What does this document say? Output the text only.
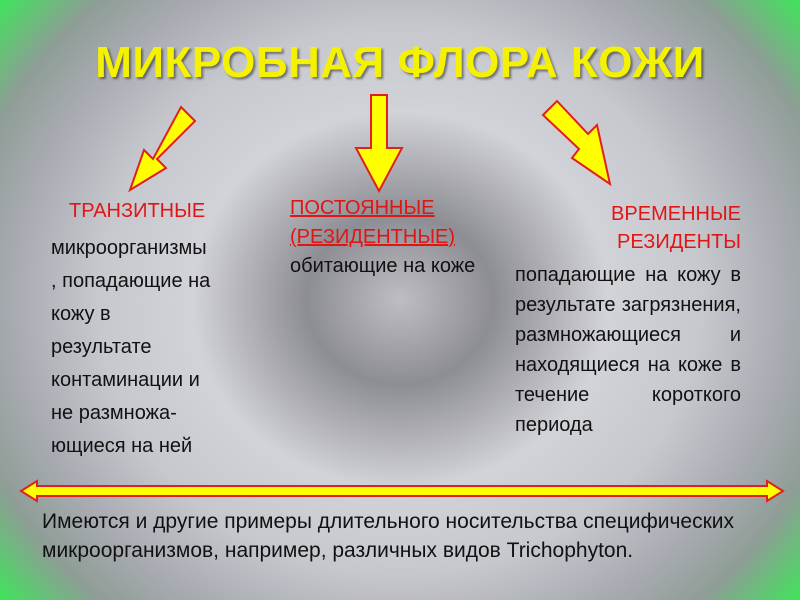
МИКРОБНАЯ ФЛОРА КОЖИ
ТРАНЗИТНЫЕ
микроорганизмы
, попадающие на
кожу в
результате
контаминации и
не размножа-
ющиеся на ней
ПОСТОЯННЫЕ (РЕЗИДЕНТНЫЕ) обитающие на коже
ВРЕМЕННЫЕ
РЕЗИДЕНТЫ
попадающие на кожу в результате загрязнения, размножающиеся и находящиеся на коже в течение короткого периода
Имеются и другие примеры длительного носительства специфических микроорганизмов, например, различных видов Trichophyton.
